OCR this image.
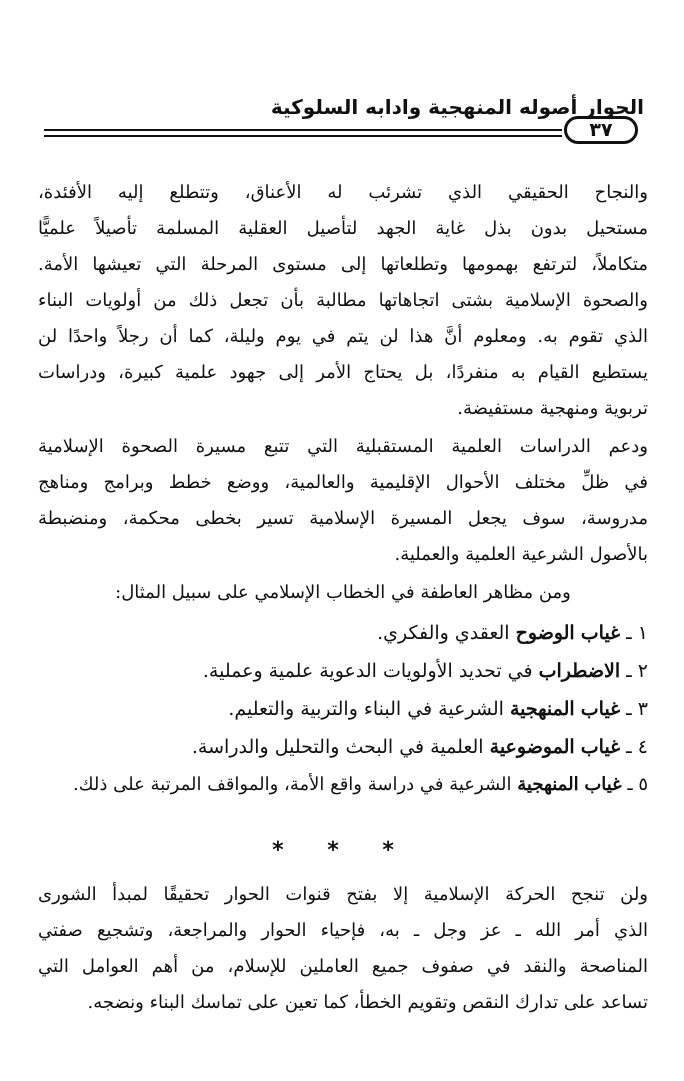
الحوار أصوله المنهجية وادابه السلوكية
٣٧
والنجاح الحقيقي الذي تشرئب له الأعناق، وتتطلع إليه الأفئدة،
مستحيل بدون بذل غاية الجهد لتأصيل العقلية المسلمة تأصيلاً علميًّا
متكاملاً، لترتفع بهمومها وتطلعاتها إلى مستوى المرحلة التي تعيشها الأمة.
والصحوة الإسلامية بشتى اتجاهاتها مطالبة بأن تجعل ذلك من أولويات البناء
الذي تقوم به. ومعلوم أنَّ هذا لن يتم في يوم وليلة، كما أن رجلاً واحدًا لن
يستطيع القيام به منفردًا، بل يحتاج الأمر إلى جهود علمية كبيرة، ودراسات
تربوية ومنهجية مستفيضة.
ودعم الدراسات العلمية المستقبلية التي تتبع مسيرة الصحوة الإسلامية
في ظلِّ مختلف الأحوال الإقليمية والعالمية، ووضع خطط وبرامج ومناهج
مدروسة، سوف يجعل المسيرة الإسلامية تسير بخطى محكمة، ومنضبطة
بالأصول الشرعية العلمية والعملية.
ومن مظاهر العاطفة في الخطاب الإسلامي على سبيل المثال:
١ ـ غياب الوضوح العقدي والفكري.
٢ ـ الاضطراب في تحديد الأولويات الدعوية علمية وعملية.
٣ ـ غياب المنهجية الشرعية في البناء والتربية والتعليم.
٤ ـ غياب الموضوعية العلمية في البحث والتحليل والدراسة.
٥ ـ غياب المنهجية الشرعية في دراسة واقع الأمة، والمواقف المرتبة على ذلك.
* * *
ولن تنجح الحركة الإسلامية إلا بفتح قنوات الحوار تحقيقًا لمبدأ الشورى
الذي أمر الله ـ عز وجل ـ به، فإحياء الحوار والمراجعة، وتشجيع صفتي
المناصحة والنقد في صفوف جميع العاملين للإسلام، من أهم العوامل التي
تساعد على تدارك النقص وتقويم الخطأ، كما تعين على تماسك البناء ونضجه.
